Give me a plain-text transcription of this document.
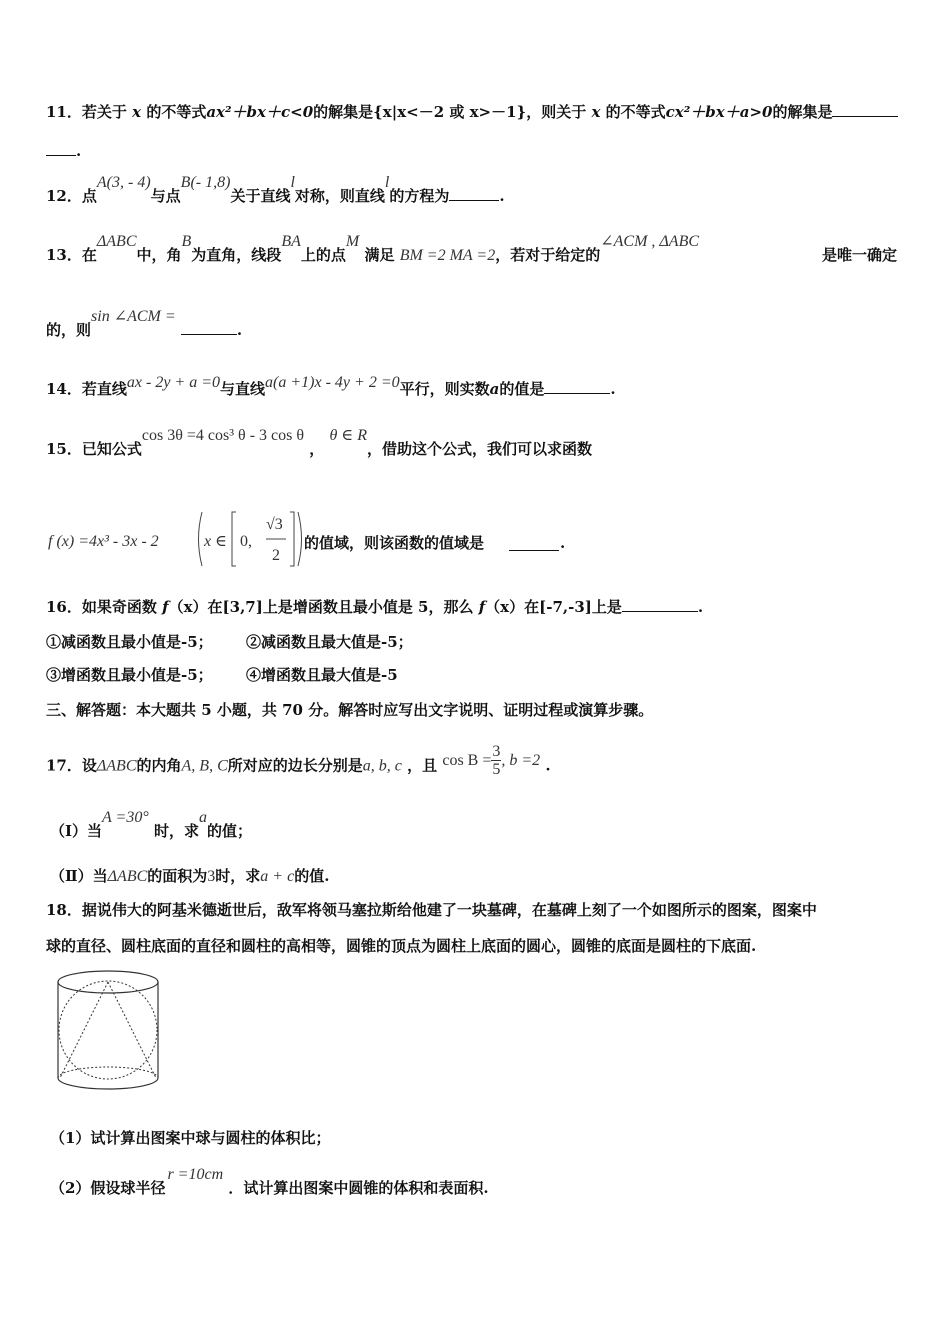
11．若关于 x 的不等式ax²＋bx＋c<0的解集是{x|x<－2 或 x>－1}，则关于 x 的不等式cx²＋bx＋a>0的解集是
.
12．点A(3, - 4)与点B(- 1,8)关于直线l对称，则直线l的方程为	.
13．在ΔABC中，角B为直角，线段BA上的点M 满足 BM =2 MA =2，若对于给定的∠ACM , ΔABC
是唯一确定
的，则sin ∠ACM = .
14．若直线ax - 2y + a =0与直线a(a +1)x - 4y + 2 =0平行，则实数a的值是	.
15．已知公式cos 3θ =4 cos³ θ - 3 cos θ ， θ ∈ R，借助这个公式，我们可以求函数
f (x) =4x³ - 3x - 2	x ∈ 0,
√3
2
的值域，则该函数的值域是	.
16．如果奇函数 f（x）在[3,7]上是增函数且最小值是 5，那么 f（x）在[-7,-3]上是	.
①减函数且最小值是-5； ②减函数且最大值是-5；
③增函数且最小值是-5； ④增函数且最大值是-5
三、解答题：本大题共 5 小题，共 70 分。解答时应写出文字说明、证明过程或演算步骤。
17．设ΔABC的内角A, B, C所对应的边长分别是a, b, c ，且 $\cos B = \frac{3}{5}$ , b =2 .
（Ⅰ）当A =30° 时，求a的值；
（Ⅱ）当ΔABC的面积为3时，求a + c的值.
18．据说伟大的阿基米德逝世后，敌军将领马塞拉斯给他建了一块墓碑，在墓碑上刻了一个如图所示的图案，图案中
球的直径、圆柱底面的直径和圆柱的高相等，圆锥的顶点为圆柱上底面的圆心，圆锥的底面是圆柱的下底面.
（1）试计算出图案中球与圆柱的体积比；
（2）假设球半径r =10cm ．试计算出图案中圆锥的体积和表面积.
